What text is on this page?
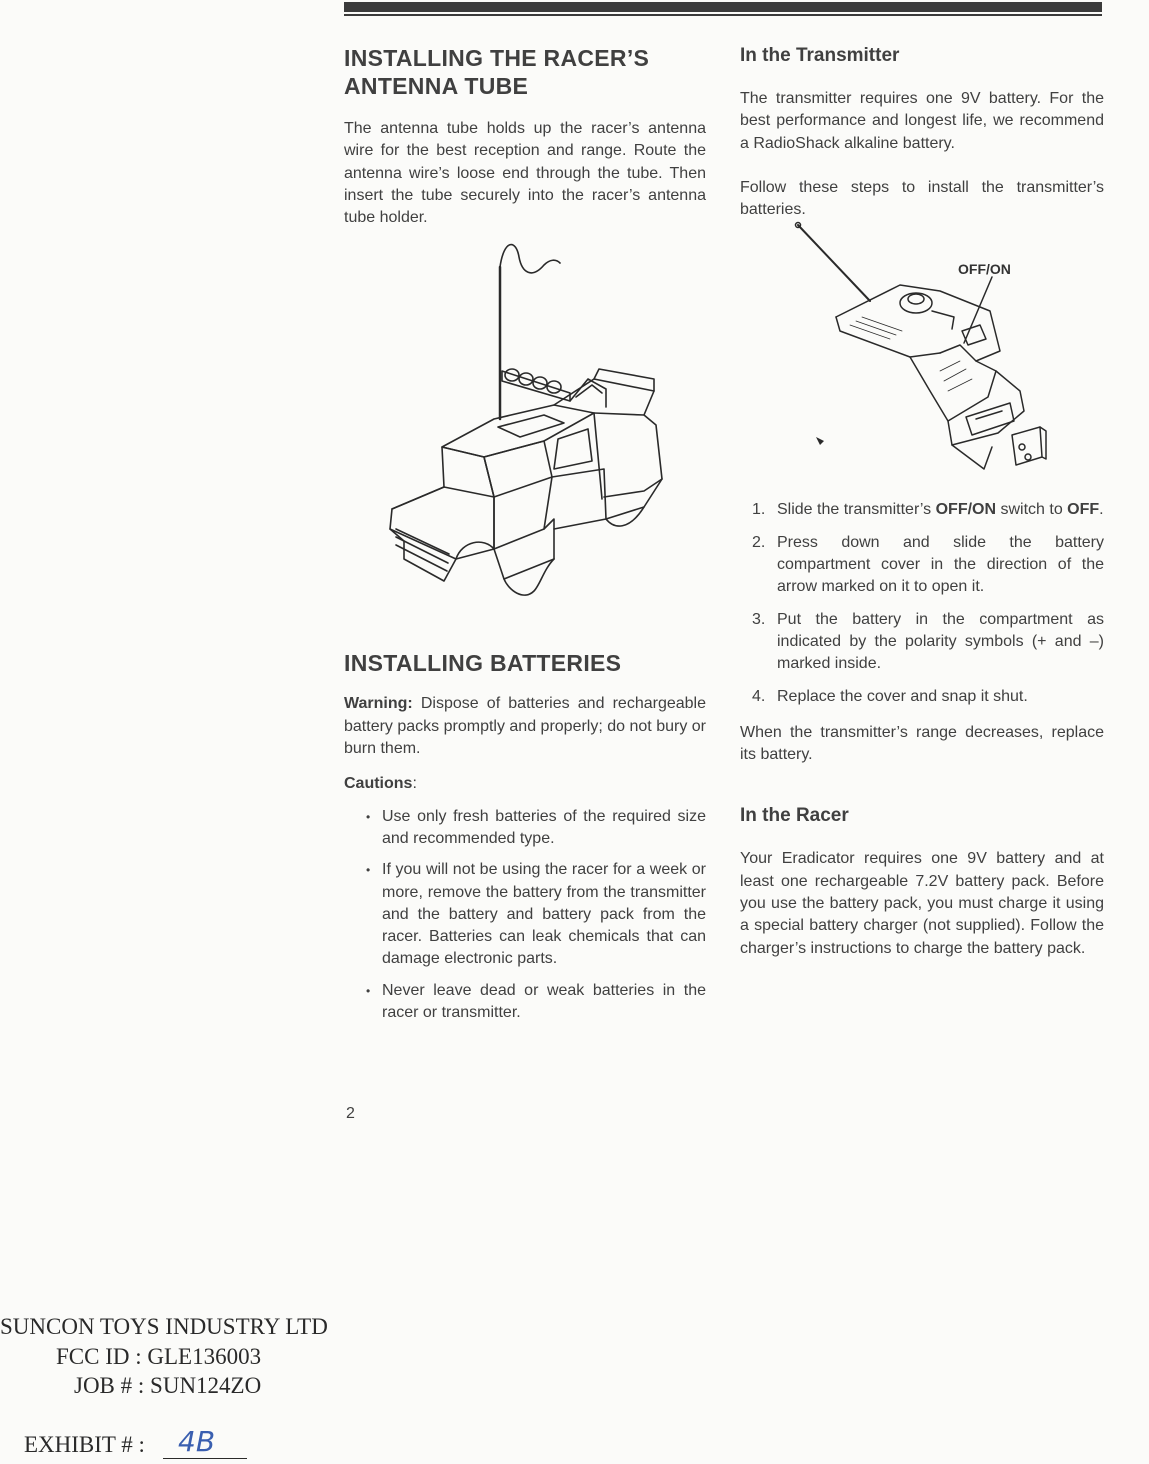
INSTALLING THE RACER’S
ANTENNA TUBE

The antenna tube holds up the racer’s antenna wire for the best reception and range. Route the antenna wire’s loose end through the tube. Then insert the tube securely into the racer’s antenna tube holder.

INSTALLING BATTERIES

Warning: Dispose of batteries and rechargeable battery packs promptly and properly; do not bury or burn them.

Cautions:

• Use only fresh batteries of the required size and recommended type.
• If you will not be using the racer for a week or more, remove the battery from the transmitter and the battery and battery pack from the racer. Batteries can leak chemicals that can damage electronic parts.
• Never leave dead or weak batteries in the racer or transmitter.
2
In the Transmitter

The transmitter requires one 9V battery. For the best performance and longest life, we recommend a RadioShack alkaline battery.

Follow these steps to install the transmitter’s batteries.

OFF/ON
1. Slide the transmitter’s OFF/ON switch to OFF.
2. Press down and slide the battery compartment cover in the direction of the arrow marked on it to open it.
3. Put the battery in the compartment as indicated by the polarity symbols (+ and –) marked inside.
4. Replace the cover and snap it shut.

When the transmitter’s range decreases, replace its battery.

In the Racer

Your Eradicator requires one 9V battery and at least one rechargeable 7.2V battery pack. Before you use the battery pack, you must charge it using a special battery charger (not supplied). Follow the charger’s instructions to charge the battery pack.

SUNCON TOYS INDUSTRY LTD
FCC ID : GLE136003
JOB # : SUN124ZO
EXHIBIT # : 4B
